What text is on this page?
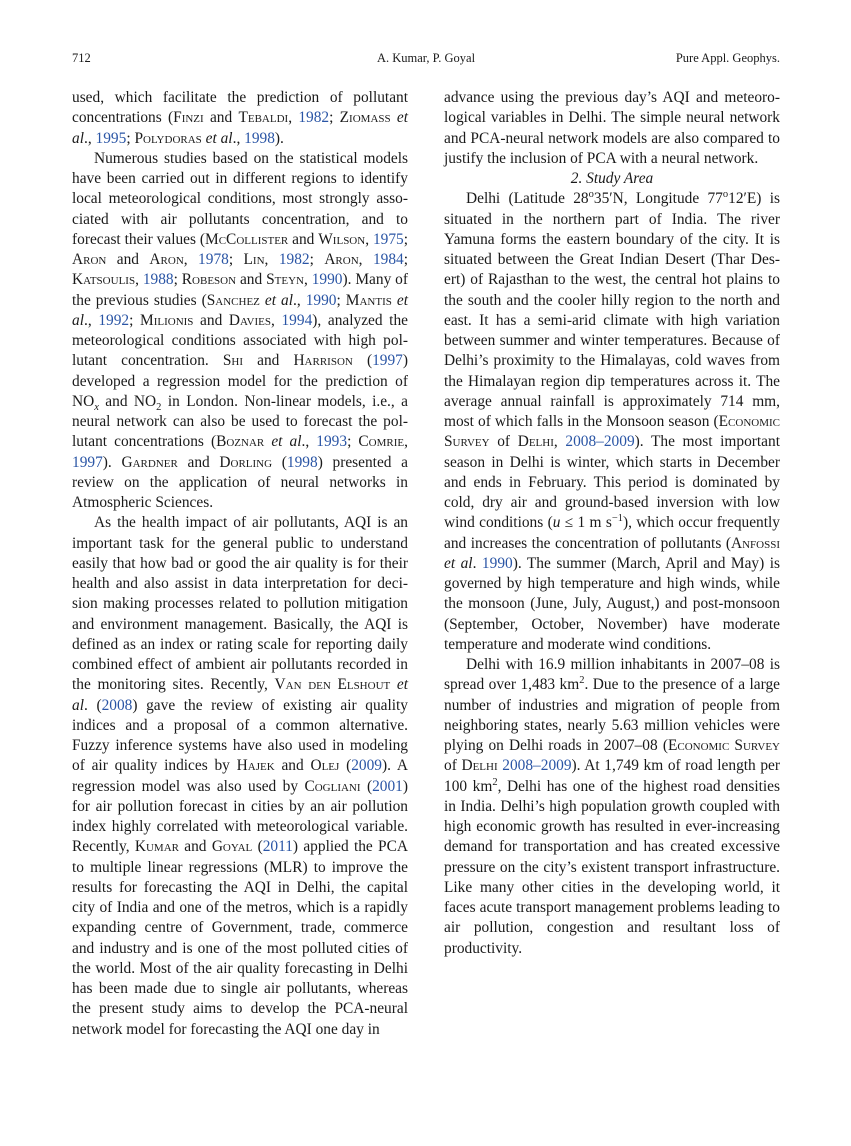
712	A. Kumar, P. Goyal	Pure Appl. Geophys.

used, which facilitate the prediction of pollutant concentrations (Finzi and Tebaldi, 1982; Ziomass et al., 1995; Polydoras et al., 1998).

Numerous studies based on the statistical models have been carried out in different regions to identify local meteorological conditions, most strongly associated with air pollutants concentration, and to forecast their values (McCollister and Wilson, 1975; Aron and Aron, 1978; Lin, 1982; Aron, 1984; Katsoulis, 1988; Robeson and Steyn, 1990). Many of the previous studies (Sanchez et al., 1990; Mantis et al., 1992; Milionis and Davies, 1994), analyzed the meteorological conditions associated with high pollutant concentration. Shi and Harrison (1997) developed a regression model for the prediction of $NO_x$ and $NO_2$ in London. Non-linear models, i.e., a neural network can also be used to forecast the pollutant concentrations (Boznar et al., 1993; Comrie, 1997). Gardner and Dorling (1998) presented a review on the application of neural networks in Atmospheric Sciences.

As the health impact of air pollutants, AQI is an important task for the general public to understand easily that how bad or good the air quality is for their health and also assist in data interpretation for decision making processes related to pollution mitigation and environment management. Basically, the AQI is defined as an index or rating scale for reporting daily combined effect of ambient air pollutants recorded in the monitoring sites. Recently, Van den Elshout et al. (2008) gave the review of existing air quality indices and a proposal of a common alternative. Fuzzy inference systems have also used in modeling of air quality indices by Hajek and Olej (2009). A regression model was also used by Cogliani (2001) for air pollution forecast in cities by an air pollution index highly correlated with meteorological variable. Recently, Kumar and Goyal (2011) applied the PCA to multiple linear regressions (MLR) to improve the results for forecasting the AQI in Delhi, the capital city of India and one of the metros, which is a rapidly expanding centre of Government, trade, commerce and industry and is one of the most polluted cities of the world. Most of the air quality forecasting in Delhi has been made due to single air pollutants, whereas the present study aims to develop the PCA-neural network model for forecasting the AQI one day in

advance using the previous day’s AQI and meteorological variables in Delhi. The simple neural network and PCA-neural network models are also compared to justify the inclusion of PCA with a neural network.

2. Study Area

Delhi (Latitude 28$^o$35′N, Longitude 77$^o$12′E) is situated in the northern part of India. The river Yamuna forms the eastern boundary of the city. It is situated between the Great Indian Desert (Thar Desert) of Rajasthan to the west, the central hot plains to the south and the cooler hilly region to the north and east. It has a semi-arid climate with high variation between summer and winter temperatures. Because of Delhi’s proximity to the Himalayas, cold waves from the Himalayan region dip temperatures across it. The average annual rainfall is approximately 714 mm, most of which falls in the Monsoon season (Economic Survey of Delhi, 2008–2009). The most important season in Delhi is winter, which starts in December and ends in February. This period is dominated by cold, dry air and ground-based inversion with low wind conditions (u ≤ 1 m $s^{-1}$), which occur frequently and increases the concentration of pollutants (Anfossi et al. 1990). The summer (March, April and May) is governed by high temperature and high winds, while the monsoon (June, July, August,) and post-monsoon (September, October, November) have moderate temperature and moderate wind conditions.

Delhi with 16.9 million inhabitants in 2007–08 is spread over 1,483 $km^2$. Due to the presence of a large number of industries and migration of people from neighboring states, nearly 5.63 million vehicles were plying on Delhi roads in 2007–08 (Economic Survey of Delhi 2008–2009). At 1,749 km of road length per 100 $km^2$, Delhi has one of the highest road densities in India. Delhi’s high population growth coupled with high economic growth has resulted in ever-increasing demand for transportation and has created excessive pressure on the city’s existent transport infrastructure. Like many other cities in the developing world, it faces acute transport management problems leading to air pollution, congestion and resultant loss of productivity.
